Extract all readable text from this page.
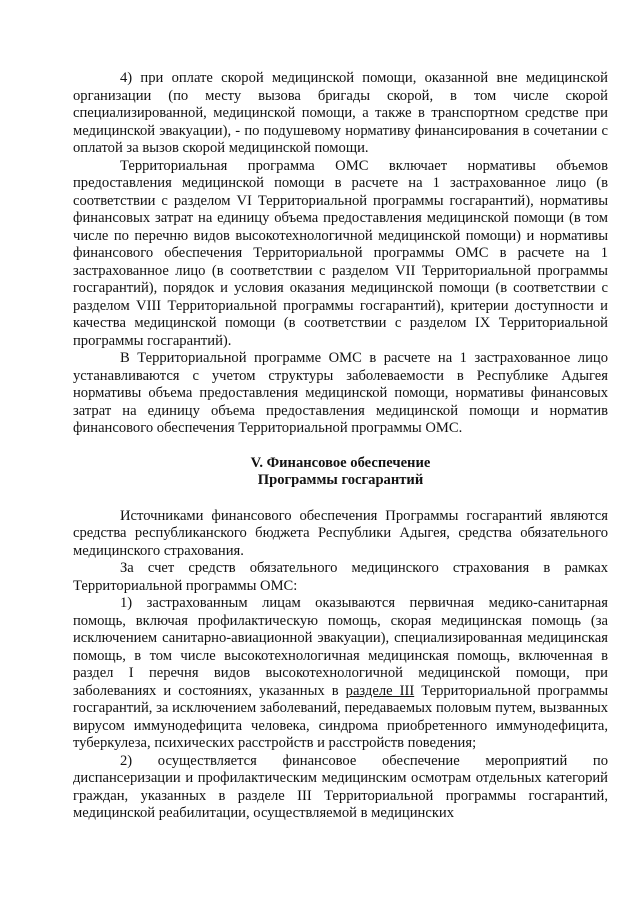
4) при оплате скорой медицинской помощи, оказанной вне медицинской организации (по месту вызова бригады скорой, в том числе скорой специализированной, медицинской помощи, а также в транспортном средстве при медицинской эвакуации), - по подушевому нормативу финансирования в сочетании с оплатой за вызов скорой медицинской помощи.

Территориальная программа ОМС включает нормативы объемов предоставления медицинской помощи в расчете на 1 застрахованное лицо (в соответствии с разделом VI Территориальной программы госгарантий), нормативы финансовых затрат на единицу объема предоставления медицинской помощи (в том числе по перечню видов высокотехнологичной медицинской помощи) и нормативы финансового обеспечения Территориальной программы ОМС в расчете на 1 застрахованное лицо (в соответствии с разделом VII Территориальной программы госгарантий), порядок и условия оказания медицинской помощи (в соответствии с разделом VIII Территориальной программы госгарантий), критерии доступности и качества медицинской помощи (в соответствии с разделом IX Территориальной программы госгарантий).

В Территориальной программе ОМС в расчете на 1 застрахованное лицо устанавливаются с учетом структуры заболеваемости в Республике Адыгея нормативы объема предоставления медицинской помощи, нормативы финансовых затрат на единицу объема предоставления медицинской помощи и норматив финансового обеспечения Территориальной программы ОМС.

V. Финансовое обеспечение
Программы госгарантий

Источниками финансового обеспечения Программы госгарантий являются средства республиканского бюджета Республики Адыгея, средства обязательного медицинского страхования.

За счет средств обязательного медицинского страхования в рамках Территориальной программы ОМС:

1) застрахованным лицам оказываются первичная медико-санитарная помощь, включая профилактическую помощь, скорая медицинская помощь (за исключением санитарно-авиационной эвакуации), специализированная медицинская помощь, в том числе высокотехнологичная медицинская помощь, включенная в раздел I перечня видов высокотехнологичной медицинской помощи, при заболеваниях и состояниях, указанных в разделе III Территориальной программы госгарантий, за исключением заболеваний, передаваемых половым путем, вызванных вирусом иммунодефицита человека, синдрома приобретенного иммунодефицита, туберкулеза, психических расстройств и расстройств поведения;

2) осуществляется финансовое обеспечение мероприятий по диспансеризации и профилактическим медицинским осмотрам отдельных категорий граждан, указанных в разделе III Территориальной программы госгарантий, медицинской реабилитации, осуществляемой в медицинских
